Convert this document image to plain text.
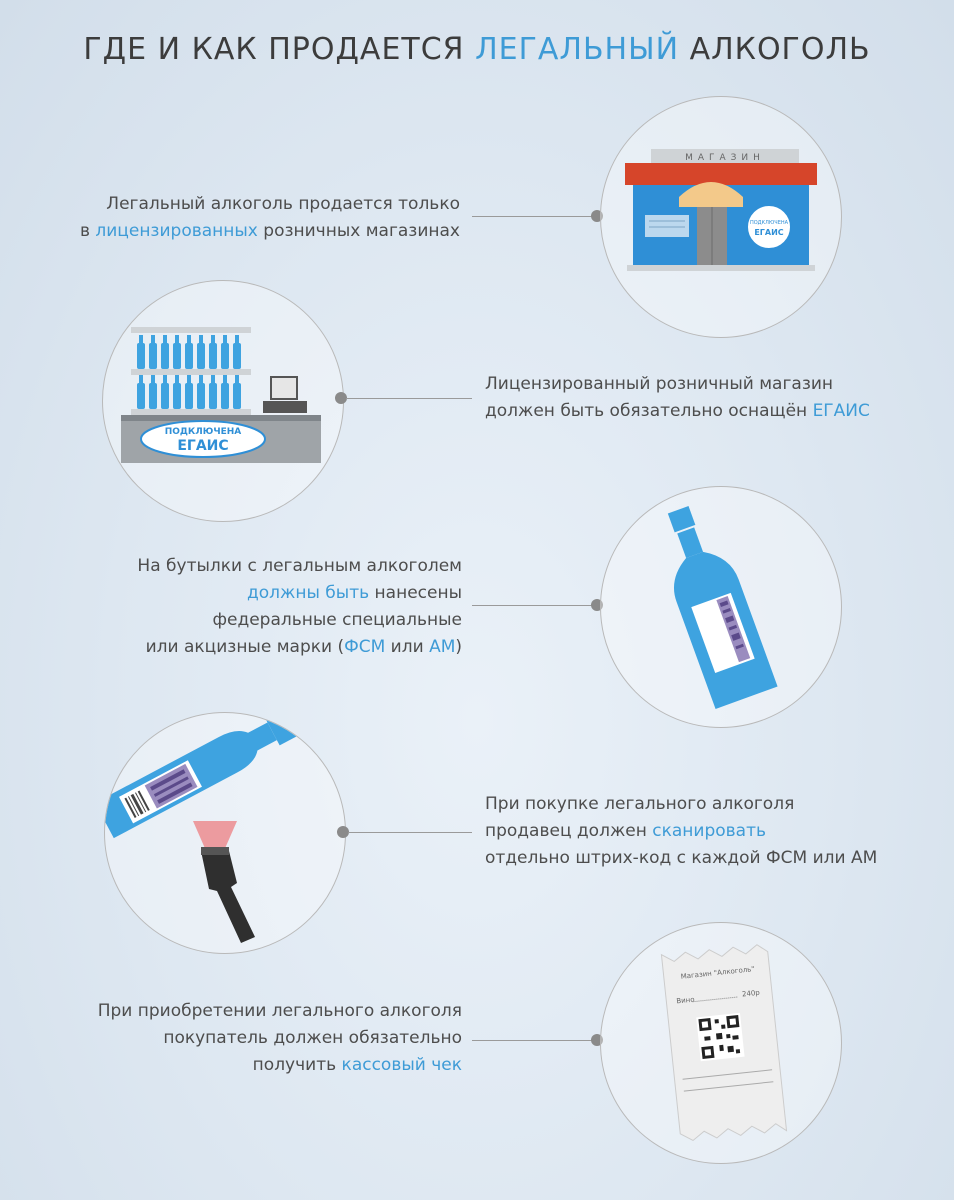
ГДЕ И КАК ПРОДАЕТСЯ ЛЕГАЛЬНЫЙ АЛКОГОЛЬ
Легальный алкоголь продается только
в лицензированных розничных магазинах
МАГАЗИН
ПОДКЛЮЧЕНА
ЕГАИС
ПОДКЛЮЧЕНА
ЕГАИС
Лицензированный розничный магазин
должен быть обязательно оснащён ЕГАИС
На бутылки с легальным алкоголем
должны быть нанесены
федеральные специальные
или акцизные марки (ФСМ или АМ)
При покупке легального алкоголя
продавец должен сканировать
отдельно штрих-код с каждой ФСМ или АМ
При приобретении легального алкоголя
покупатель должен обязательно
получить кассовый чек
Магазин "Алкоголь"
Вино
240р
